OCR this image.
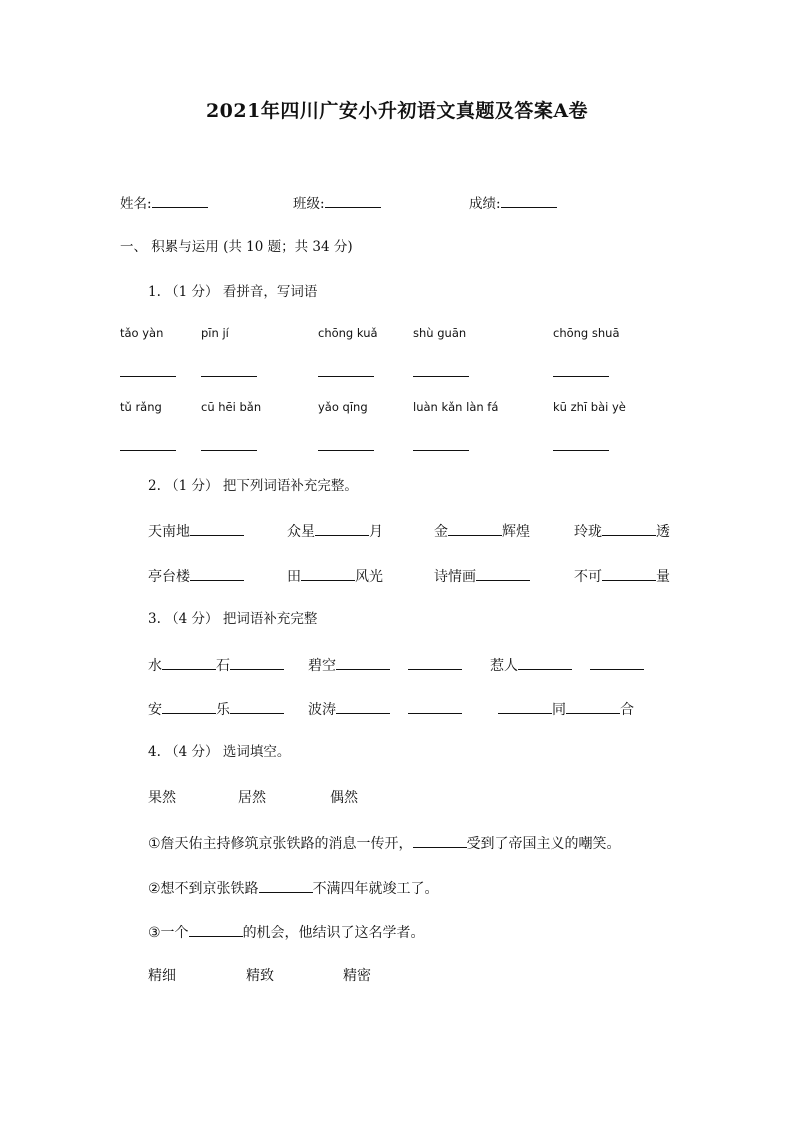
2021年四川广安小升初语文真题及答案A卷
姓名:	班级:	成绩:
一、 积累与运用 (共 10 题；共 34 分)
1. （1 分） 看拼音，写词语
tǎo yàn	pīn jí	chōng kuǎ	shù guān	chōng shuā
tǔ rǎng	cū hēi bǎn	yǎo qīng	luàn kǎn làn fá	kū zhī bài yè
2. （1 分） 把下列词语补充完整。
天南地	众星	月	金	辉煌	玲珑	透
亭台楼	田	风光	诗情画	不可	量
3. （4 分） 把词语补充完整
水	石	碧空	惹人
安	乐	波涛	同	合
4. （4 分） 选词填空。
果然	居然	偶然
①詹天佑主持修筑京张铁路的消息一传开，	受到了帝国主义的嘲笑。
②想不到京张铁路	不满四年就竣工了。
③一个	的机会，他结识了这名学者。
精细	精致	精密
